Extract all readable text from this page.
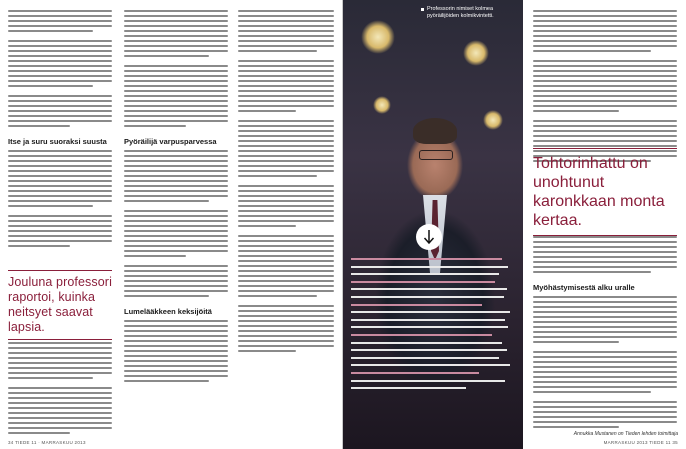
Itse ja suru suoraksi suusta
Jouluna professori raportoi, kuinka neitsyet saavat lapsia.
Pyöräilijä varpusparvessa
Lumelääkkeen keksijöitä
34 TIEDE 11 · MARRASKUU 2013
Professorin nimiset kolmea pyöräilijöiden kolmikvintetti.
Tohtorinhattu on unohtunut karonkkaan monta kertaa.
Myöhästymisestä alku uralle
Annukka Mustanen on Tieden lehden toimittaja
MARRASKUU 2013 TIEDE 11 35
